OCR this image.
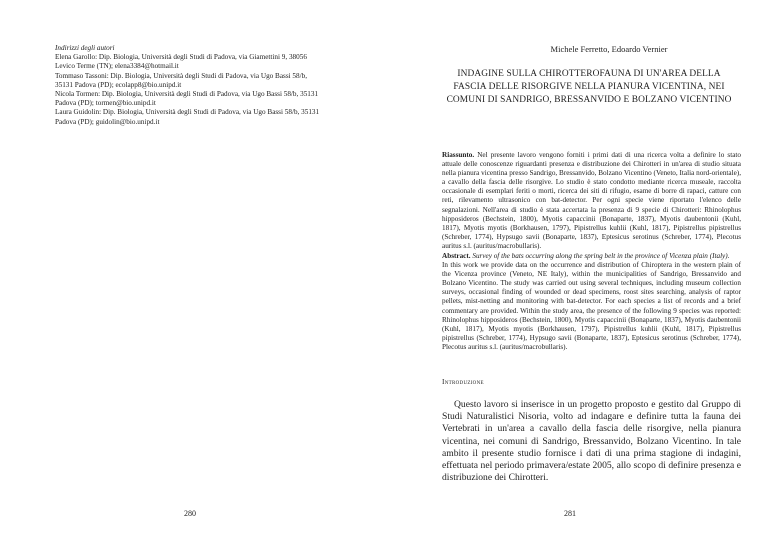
Indirizzi degli autori
Elena Garollo: Dip. Biologia, Università degli Studi di Padova, via Giamettini 9, 38056 Levico Terme (TN); elena3384@hotmail.it
Tommaso Tassoni: Dip. Biologia, Università degli Studi di Padova, via Ugo Bassi 58/b, 35131 Padova (PD); ecolapp8@bio.unipd.it
Nicola Tormen: Dip. Biologia, Università degli Studi di Padova, via Ugo Bassi 58/b, 35131 Padova (PD); tormen@bio.unipd.it
Laura Guidolin: Dip. Biologia, Università degli Studi di Padova, via Ugo Bassi 58/b, 35131 Padova (PD); guidolin@bio.unipd.it
280
Michele Ferretto, Edoardo Vernier
INDAGINE SULLA CHIROTTEROFAUNA DI UN'AREA DELLA FASCIA DELLE RISORGIVE NELLA PIANURA VICENTINA, NEI COMUNI DI SANDRIGO, BRESSANVIDO E BOLZANO VICENTINO
Riassunto. Nel presente lavoro vengono forniti i primi dati di una ricerca volta a definire lo stato attuale delle conoscenze riguardanti presenza e distribuzione dei Chirotteri in un'area di studio situata nella pianura vicentina presso Sandrigo, Bressanvido, Bolzano Vicentino (Veneto, Italia nord-orientale), a cavallo della fascia delle risorgive. Lo studio è stato condotto mediante ricerca museale, raccolta occasionale di esemplari feriti o morti, ricerca dei siti di rifugio, esame di borre di rapaci, catture con reti, rilevamento ultrasonico con bat-detector. Per ogni specie viene riportato l'elenco delle segnalazioni. Nell'area di studio è stata accertata la presenza di 9 specie di Chirotteri: Rhinolophus hipposideros (Bechstein, 1800), Myotis capaccinii (Bonaparte, 1837), Myotis daubentonii (Kuhl, 1817), Myotis myotis (Borkhausen, 1797), Pipistrellus kuhlii (Kuhl, 1817), Pipistrellus pipistrellus (Schreber, 1774), Hypsugo savii (Bonaparte, 1837), Eptesicus serotinus (Schreber, 1774), Plecotus auritus s.l. (auritus/macrobullaris).
Abstract. Survey of the bats occurring along the spring belt in the province of Vicenza plain (Italy).

In this work we provide data on the occurrence and distribution of Chiroptera in the western plain of the Vicenza province (Veneto, NE Italy), within the municipalities of Sandrigo, Bressanvido and Bolzano Vicentino. The study was carried out using several techniques, including museum collection surveys, occasional finding of wounded or dead specimens, roost sites searching, analysis of raptor pellets, mist-netting and monitoring with bat-detector. For each species a list of records and a brief commentary are provided. Within the study area, the presence of the following 9 species was reported: Rhinolophus hipposideros (Bechstein, 1800), Myotis capaccinii (Bonaparte, 1837), Myotis daubentonii (Kuhl, 1817), Myotis myotis (Borkhausen, 1797), Pipistrellus kuhlii (Kuhl, 1817), Pipistrellus pipistrellus (Schreber, 1774), Hypsugo savii (Bonaparte, 1837), Eptesicus serotinus (Schreber, 1774), Plecotus auritus s.l. (auritus/macrobullaris).

Introduzione

Questo lavoro si inserisce in un progetto proposto e gestito dal Gruppo di Studi Naturalistici Nisoria, volto ad indagare e definire tutta la fauna dei Vertebrati in un'area a cavallo della fascia delle risorgive, nella pianura vicentina, nei comuni di Sandrigo, Bressanvido, Bolzano Vicentino. In tale ambito il presente studio fornisce i dati di una prima stagione di indagini, effettuata nel periodo primavera/estate 2005, allo scopo di definire presenza e distribuzione dei Chirotteri.

281
